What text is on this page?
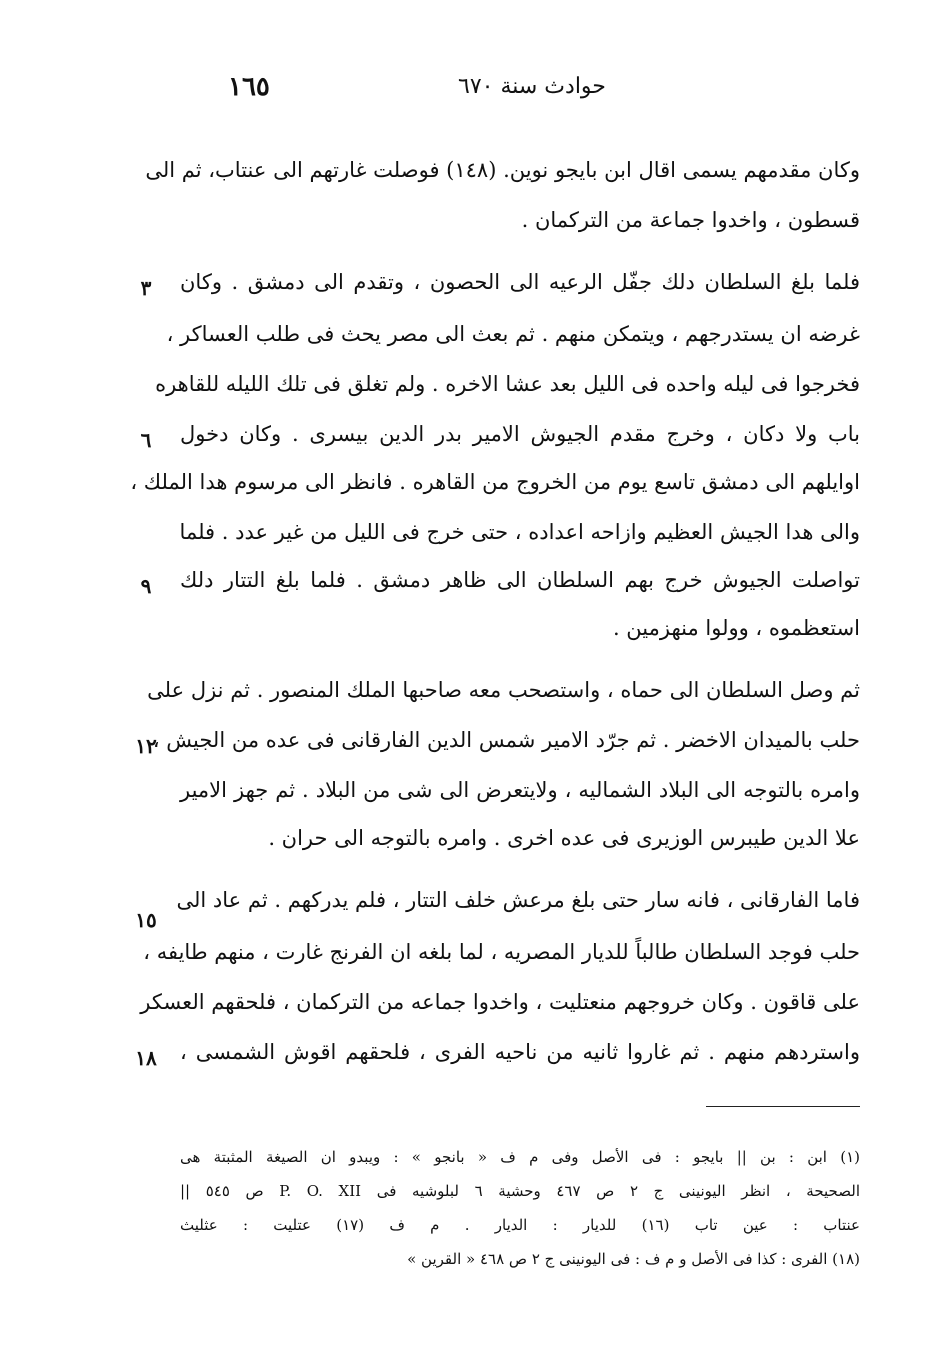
١٦٥	حوادث سنة ٦٧٠
وكان مقدمهم يسمى اقال ابن بايجو نوين. (١٤٨) فوصلت غارتهم الى عنتاب، ثم الى
قسطون ، واخدوا جماعة من التركمان .
فلما بلغ السلطان دلك جفّل الرعيه الى الحصون ، وتقدم الى دمشق . وكان
غرضه ان يستدرجهم ، ويتمكن منهم . ثم بعث الى مصر يحث فى طلب العساكر ،
فخرجوا فى ليله واحده فى الليل بعد عشا الاخره . ولم تغلق فى تلك الليله للقاهره
باب ولا دكان ، وخرج مقدم الجيوش الامير بدر الدين بيسرى . وكان دخول
اوايلهم الى دمشق تاسع يوم من الخروج من القاهره . فانظر الى مرسوم هدا الملك ،
والى هدا الجيش العظيم وازاحه اعداده ، حتى خرج فى الليل من غير عدد . فلما
تواصلت الجيوش خرج بهم السلطان الى ظاهر دمشق . فلما بلغ التتار دلك
استعظموه ، وولوا منهزمين .
ثم وصل السلطان الى حماه ، واستصحب معه صاحبها الملك المنصور . ثم نزل على
حلب بالميدان الاخضر . ثم جرّد الامير شمس الدين الفارقانى فى عده من الجيش ،
وامره بالتوجه الى البلاد الشماليه ، ولايتعرض الى شى من البلاد . ثم جهز الامير
علا الدين طيبرس الوزيرى فى عده اخرى . وامره بالتوجه الى حران .
فاما الفارقانى ، فانه سار حتى بلغ مرعش خلف التتار ، فلم يدركهم . ثم عاد الى
حلب فوجد السلطان طالباً للديار المصريه ، لما بلغه ان الفرنج غارت ، منهم طايفه ،
على قاقون . وكان خروجهم منعتليت ، واخدوا جماعه من التركمان ، فلحقهم العسكر
واستردهم منهم . ثم غاروا ثانيه من ناحيه الفرى ، فلحقهم اقوش الشمسى ،
٣
٦
٩
١٢
١٥
١٨
(١) ابن : بن || بايجو : فى الأصل وفى م ف « بانجو » : ويبدو ان الصيغة المثبتة هى
الصحيحة ، انظر اليونينى ج ٢ ص ٤٦٧ وحشية ٦ لبلوشيه فى P. O. XII ص ٥٤٥ ||
عنتاب : عين تاب (١٦) للديار : الديار . م ف (١٧) عتليت : عثليث
(١٨) الفرى : كذا فى الأصل و م ف : فى اليونينى ج ٢ ص ٤٦٨ « القرين »
